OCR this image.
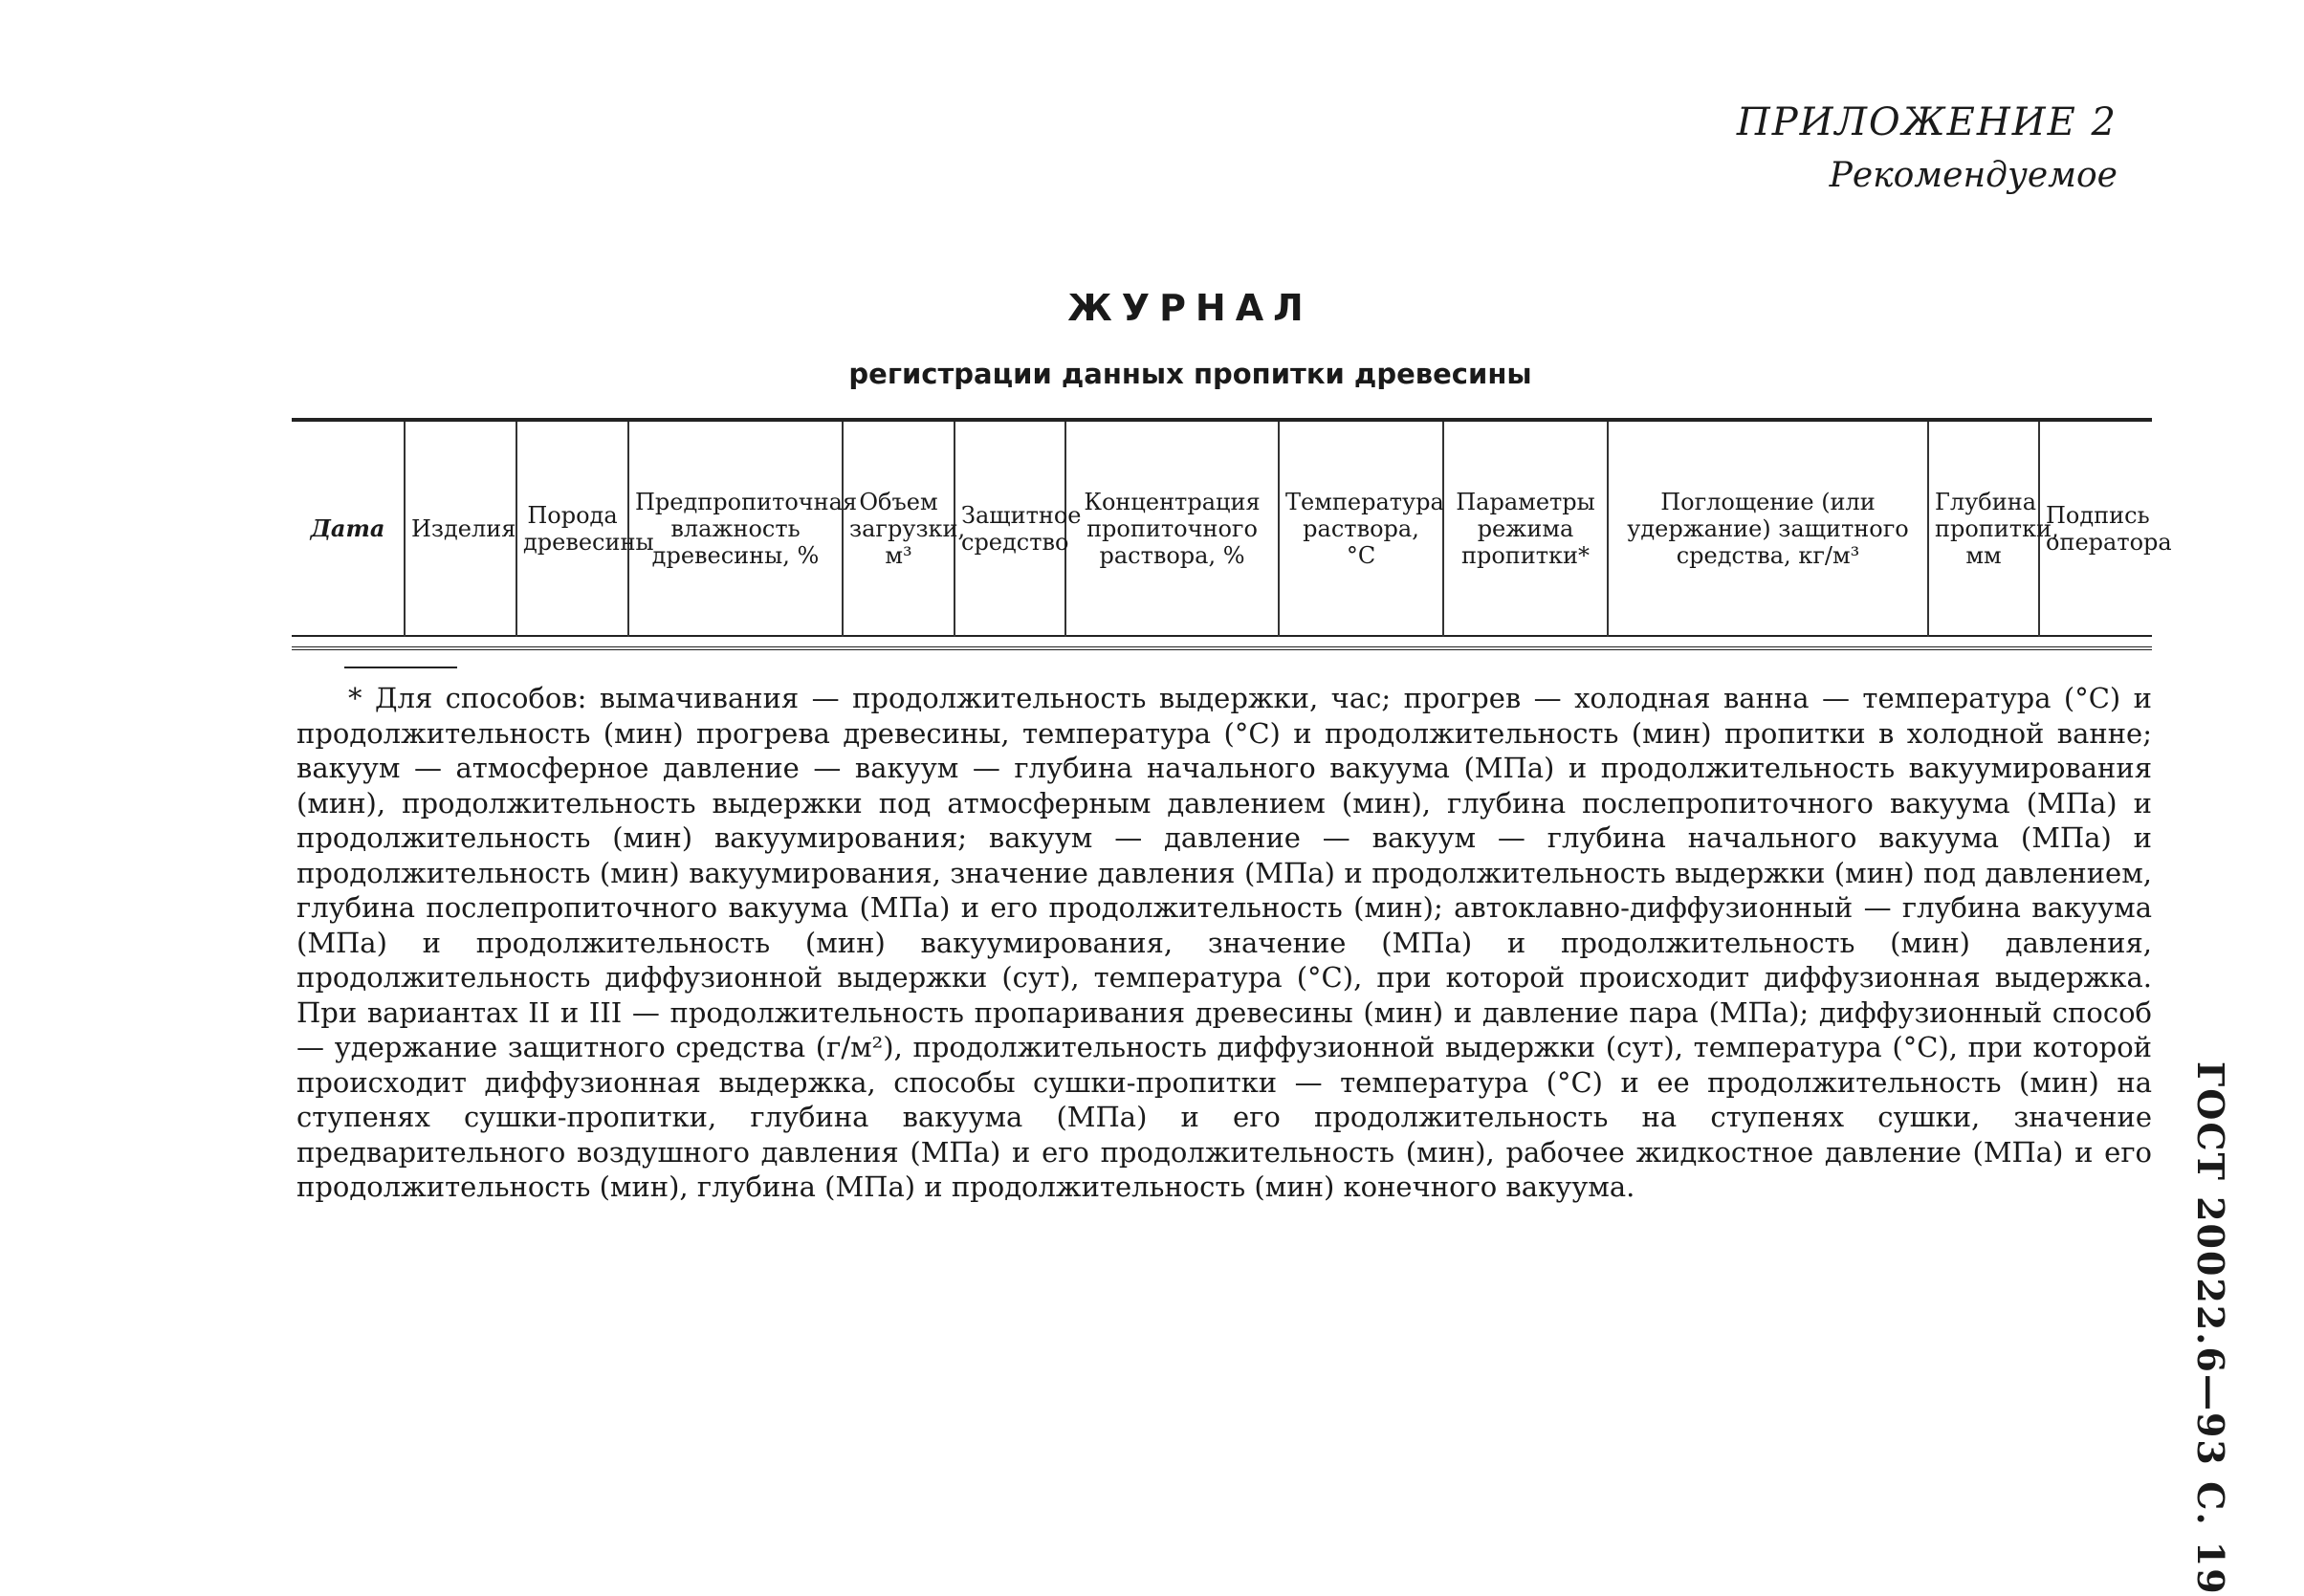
ПРИЛОЖЕНИЕ 2
Рекомендуемое
ЖУРНАЛ
регистрации данных пропитки древесины
Дата	Изделия	Порода древесины	Предпропиточная влажность древесины, %	Объем загрузки, м³	Защитное средство	Концентрация пропиточного раствора, %	Температура раствора, °С	Параметры режима пропитки*	Поглощение (или удержание) защитного средства, кг/м³	Глубина пропитки, мм	Подпись оператора

* Для способов: вымачивания — продолжительность выдержки, час; прогрев — холодная ванна — температура (°С) и продолжительность (мин) прогрева древесины, температура (°С) и продолжительность (мин) пропитки в холодной ванне; вакуум — атмосферное давление — вакуум — глубина начального вакуума (МПа) и продолжительность вакуумирования (мин), продолжительность выдержки под атмосферным давлением (мин), глубина послепропиточного вакуума (МПа) и продолжительность (мин) вакуумирования; вакуум — давление — вакуум — глубина начального вакуума (МПа) и продолжительность (мин) вакуумирования, значение давления (МПа) и продолжительность выдержки (мин) под давлением, глубина послепропиточного вакуума (МПа) и его продолжительность (мин); автоклавно-диффузионный — глубина вакуума (МПа) и продолжительность (мин) вакуумирования, значение (МПа) и продолжительность (мин) давления, продолжительность диффузионной выдержки (сут), температура (°С), при которой происходит диффузионная выдержка. При вариантах II и III — продолжительность пропаривания древесины (мин) и давление пара (МПа); диффузионный способ — удержание защитного средства (г/м²), продолжительность диффузионной выдержки (сут), температура (°С), при которой происходит диффузионная выдержка, способы сушки-пропитки — температура (°С) и ее продолжительность (мин) на ступенях сушки-пропитки, глубина вакуума (МПа) и его продолжительность на ступенях сушки, значение предварительного воздушного давления (МПа) и его продолжительность (мин), рабочее жидкостное давление (МПа) и его продолжительность (мин), глубина (МПа) и продолжительность (мин) конечного вакуума.	ГОСТ 20022.6—93 С. 19
